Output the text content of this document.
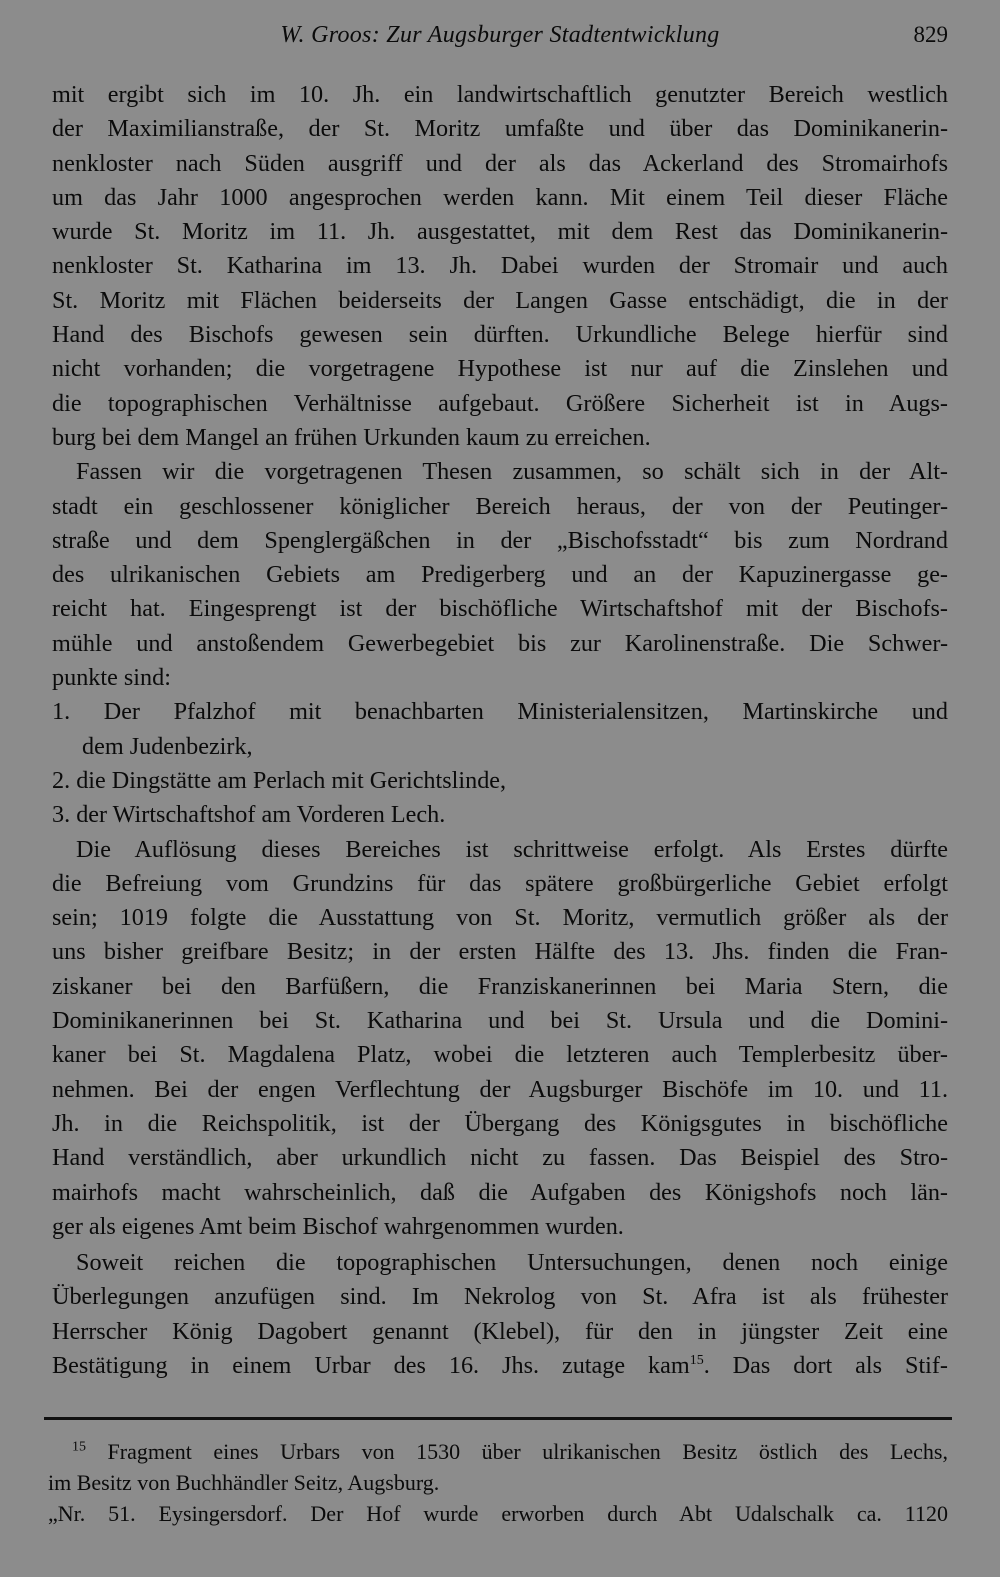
W. Groos: Zur Augsburger Stadtentwicklung	829
mit ergibt sich im 10. Jh. ein landwirtschaftlich genutzter Bereich westlich
der Maximilianstraße, der St. Moritz umfaßte und über das Dominikanerin-
nenkloster nach Süden ausgriff und der als das Ackerland des Stromairhofs
um das Jahr 1000 angesprochen werden kann. Mit einem Teil dieser Fläche
wurde St. Moritz im 11. Jh. ausgestattet, mit dem Rest das Dominikanerin-
nenkloster St. Katharina im 13. Jh. Dabei wurden der Stromair und auch
St. Moritz mit Flächen beiderseits der Langen Gasse entschädigt, die in der
Hand des Bischofs gewesen sein dürften. Urkundliche Belege hierfür sind
nicht vorhanden; die vorgetragene Hypothese ist nur auf die Zinslehen und
die topographischen Verhältnisse aufgebaut. Größere Sicherheit ist in Augs-
burg bei dem Mangel an frühen Urkunden kaum zu erreichen.
Fassen wir die vorgetragenen Thesen zusammen, so schält sich in der Alt-
stadt ein geschlossener königlicher Bereich heraus, der von der Peutinger-
straße und dem Spenglergäßchen in der „Bischofsstadt“ bis zum Nordrand
des ulrikanischen Gebiets am Predigerberg und an der Kapuzinergasse ge-
reicht hat. Eingesprengt ist der bischöfliche Wirtschaftshof mit der Bischofs-
mühle und anstoßendem Gewerbegebiet bis zur Karolinenstraße. Die Schwer-
punkte sind:
1. Der Pfalzhof mit benachbarten Ministerialensitzen, Martinskirche und
dem Judenbezirk,
2. die Dingstätte am Perlach mit Gerichtslinde,
3. der Wirtschaftshof am Vorderen Lech.
Die Auflösung dieses Bereiches ist schrittweise erfolgt. Als Erstes dürfte
die Befreiung vom Grundzins für das spätere großbürgerliche Gebiet erfolgt
sein; 1019 folgte die Ausstattung von St. Moritz, vermutlich größer als der
uns bisher greifbare Besitz; in der ersten Hälfte des 13. Jhs. finden die Fran-
ziskaner bei den Barfüßern, die Franziskanerinnen bei Maria Stern, die
Dominikanerinnen bei St. Katharina und bei St. Ursula und die Domini-
kaner bei St. Magdalena Platz, wobei die letzteren auch Templerbesitz über-
nehmen. Bei der engen Verflechtung der Augsburger Bischöfe im 10. und 11.
Jh. in die Reichspolitik, ist der Übergang des Königsgutes in bischöfliche
Hand verständlich, aber urkundlich nicht zu fassen. Das Beispiel des Stro-
mairhofs macht wahrscheinlich, daß die Aufgaben des Königshofs noch län-
ger als eigenes Amt beim Bischof wahrgenommen wurden.
Soweit reichen die topographischen Untersuchungen, denen noch einige
Überlegungen anzufügen sind. Im Nekrolog von St. Afra ist als frühester
Herrscher König Dagobert genannt (Klebel), für den in jüngster Zeit eine
Bestätigung in einem Urbar des 16. Jhs. zutage kam$^{15}$. Das dort als Stif-
$^{15}$ Fragment eines Urbars von 1530 über ulrikanischen Besitz östlich des Lechs,
im Besitz von Buchhändler Seitz, Augsburg.
„Nr. 51. Eysingersdorf. Der Hof wurde erworben durch Abt Udalschalk ca. 1120
